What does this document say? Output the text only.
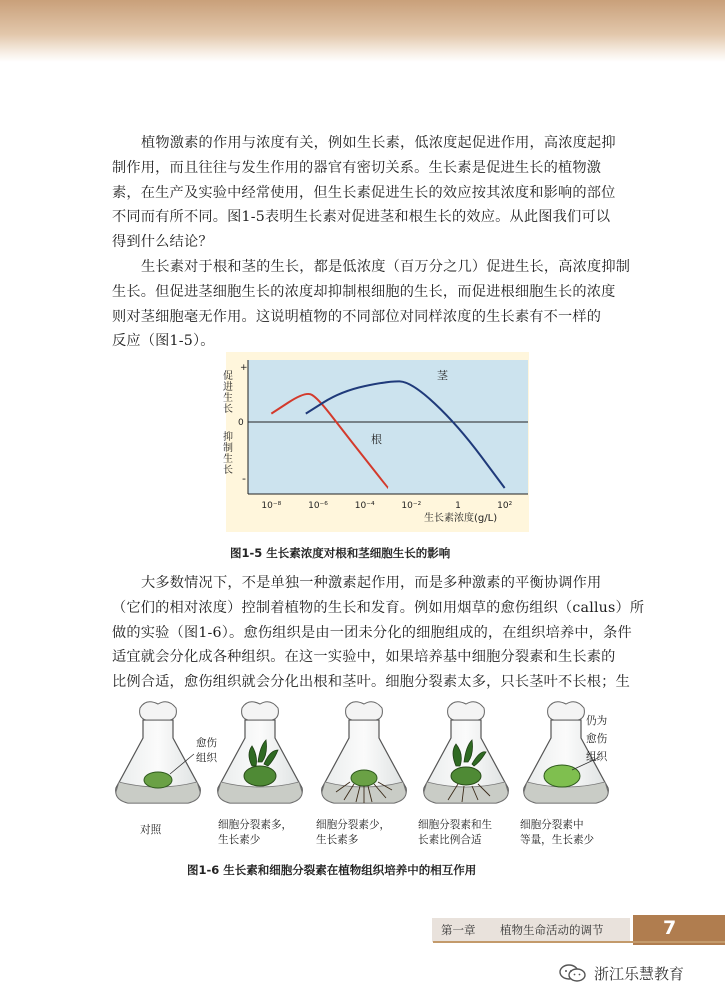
植物激素的作用与浓度有关，例如生长素，低浓度起促进作用，高浓度起抑
制作用，而且往往与发生作用的器官有密切关系。生长素是促进生长的植物激
素，在生产及实验中经常使用，但生长素促进生长的效应按其浓度和影响的部位
不同而有所不同。图1-5表明生长素对促进茎和根生长的效应。从此图我们可以
得到什么结论？
生长素对于根和茎的生长，都是低浓度（百万分之几）促进生长，高浓度抑制
生长。但促进茎细胞生长的浓度却抑制根细胞的生长，而促进根细胞生长的浓度
则对茎细胞毫无作用。这说明植物的不同部位对同样浓度的生长素有不一样的
反应（图1-5）。
+
0
-
促
进
生
长
抑
制
生
长
茎
根
10⁻⁸	10⁻⁶	10⁻⁴	10⁻²	1	10²
生长素浓度(g/L)
图1-5 生长素浓度对根和茎细胞生长的影响
大多数情况下，不是单独一种激素起作用，而是多种激素的平衡协调作用
（它们的相对浓度）控制着植物的生长和发育。例如用烟草的愈伤组织（callus）所
做的实验（图1-6）。愈伤组织是由一团未分化的细胞组成的，在组织培养中，条件
适宜就会分化成各种组织。在这一实验中，如果培养基中细胞分裂素和生长素的
比例合适，愈伤组织就会分化出根和茎叶。细胞分裂素太多，只长茎叶不长根；生
愈伤
组织
仍为
愈伤
组织
对照	细胞分裂素多，
生长素少
细胞分裂素少，
生长素多
细胞分裂素和生
长素比例合适
细胞分裂素中
等量，生长素少
图1-6 生长素和细胞分裂素在植物组织培养中的相互作用
第一章 植物生命活动的调节	7
浙江乐慧教育
